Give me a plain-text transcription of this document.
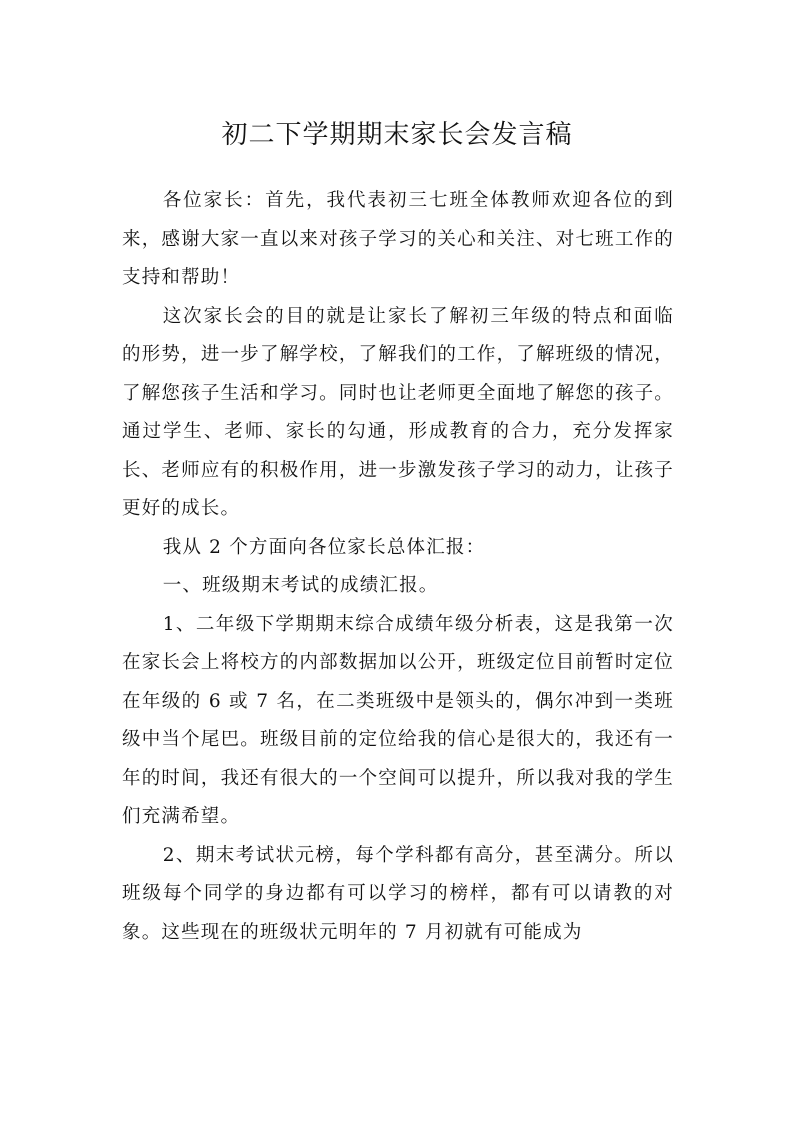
初二下学期期末家长会发言稿

各位家长：首先，我代表初三七班全体教师欢迎各位的到来，感谢大家一直以来对孩子学习的关心和关注、对七班工作的支持和帮助！

这次家长会的目的就是让家长了解初三年级的特点和面临的形势，进一步了解学校，了解我们的工作，了解班级的情况，了解您孩子生活和学习。同时也让老师更全面地了解您的孩子。通过学生、老师、家长的勾通，形成教育的合力，充分发挥家长、老师应有的积极作用，进一步激发孩子学习的动力，让孩子更好的成长。

我从 2 个方面向各位家长总体汇报：

一、班级期末考试的成绩汇报。

1、二年级下学期期末综合成绩年级分析表，这是我第一次在家长会上将校方的内部数据加以公开，班级定位目前暂时定位在年级的 6 或 7 名，在二类班级中是领头的，偶尔冲到一类班级中当个尾巴。班级目前的定位给我的信心是很大的，我还有一年的时间，我还有很大的一个空间可以提升，所以我对我的学生们充满希望。

2、期末考试状元榜，每个学科都有高分，甚至满分。所以班级每个同学的身边都有可以学习的榜样，都有可以请教的对象。这些现在的班级状元明年的 7 月初就有可能成为
